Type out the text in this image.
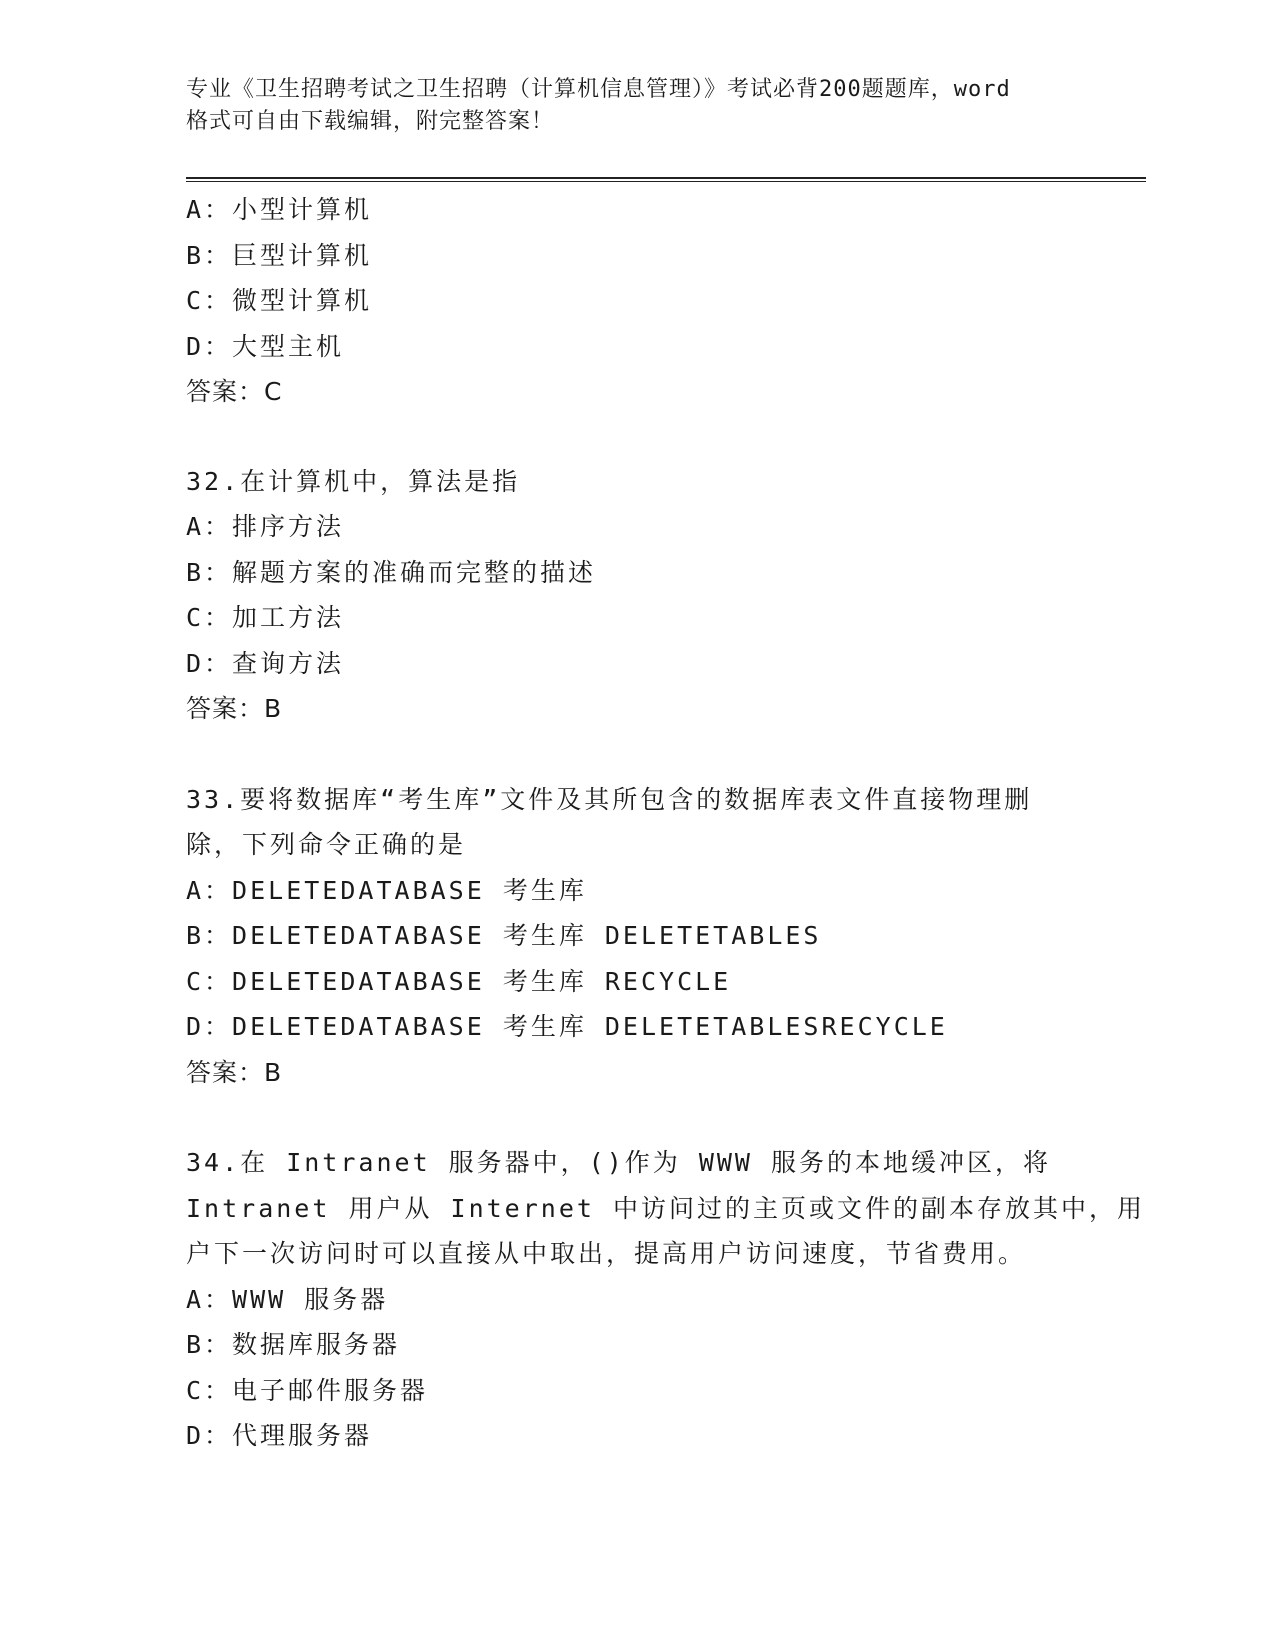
专业《卫生招聘考试之卫生招聘（计算机信息管理）》考试必背200题题库，word
格式可自由下载编辑，附完整答案！
A：小型计算机
B：巨型计算机
C：微型计算机
D：大型主机
答案：C
32.在计算机中，算法是指
A：排序方法
B：解题方案的准确而完整的描述
C：加工方法
D：查询方法
答案：B
33.要将数据库“考生库”文件及其所包含的数据库表文件直接物理删
除，下列命令正确的是
A：DELETEDATABASE 考生库
B：DELETEDATABASE 考生库 DELETETABLES
C：DELETEDATABASE 考生库 RECYCLE
D：DELETEDATABASE 考生库 DELETETABLESRECYCLE
答案：B
34.在 Intranet 服务器中，()作为 WWW 服务的本地缓冲区，将
Intranet 用户从 Internet 中访问过的主页或文件的副本存放其中，用
户下一次访问时可以直接从中取出，提高用户访问速度，节省费用。
A：WWW 服务器
B：数据库服务器
C：电子邮件服务器
D：代理服务器
